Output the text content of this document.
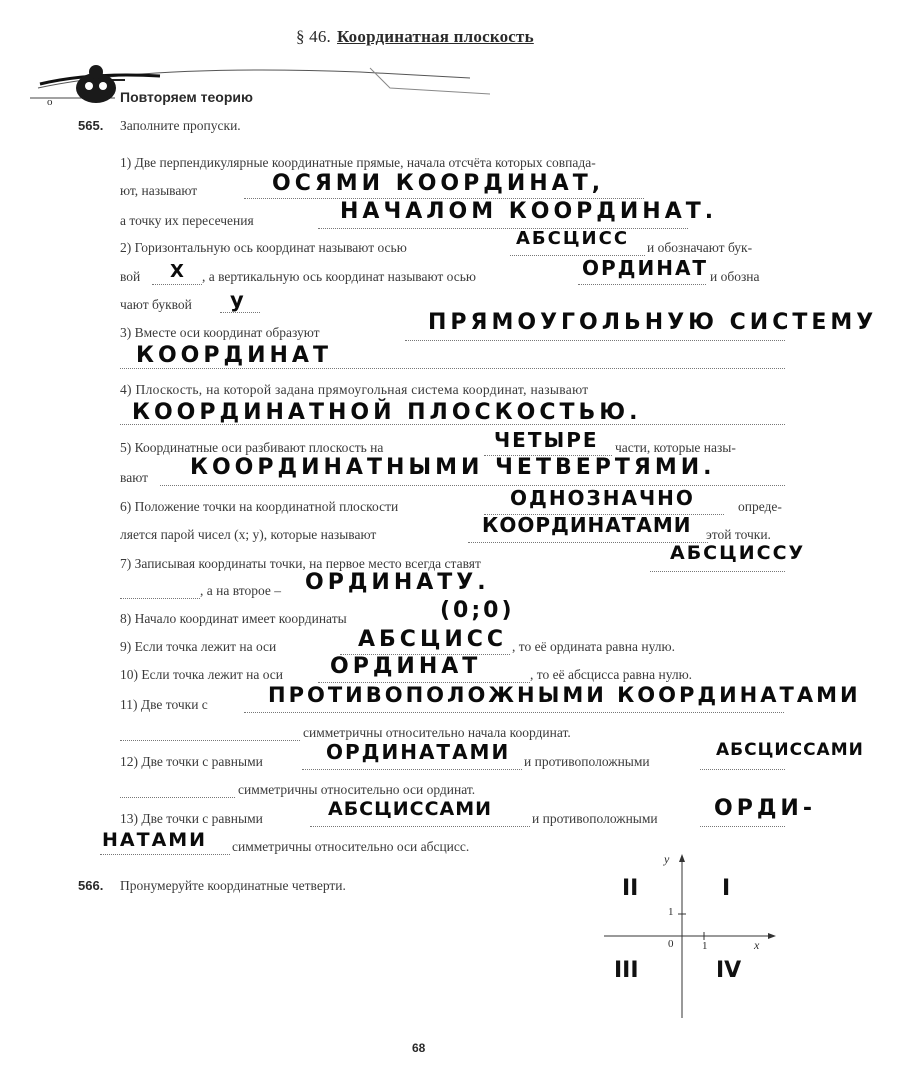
§ 46. Координатная плоскость
о	Повторяем теорию
565. Заполните пропуски.
1) Две перпендикулярные координатные прямые, начала отсчёта которых совпада-
ют, называют	ОСЯМИ КООРДИНАТ,
а точку их пересечения	НАЧАЛОМ КООРДИНАТ.
2) Горизонтальную ось координат называют осью	АБСЦИСС и обозначают бук-
вой X , а вертикальную ось координат называют осью	ОРДИНАТ и обозна
чают буквой y
3) Вместе оси координат образуют	ПРЯМОУГОЛЬНУЮ СИСТЕМУ
КООРДИНАТ
4) Плоскость, на которой задана прямоугольная система координат, называют
КООРДИНАТНОЙ ПЛОСКОСТЬЮ.
5) Координатные оси разбивают плоскость на	ЧЕТЫРЕ части, которые назы-
вают КООРДИНАТНЫМИ ЧЕТВЕРТЯМИ.
6) Положение точки на координатной плоскости	ОДНОЗНАЧНО	опреде-
ляется парой чисел (x; y), которые называют	КООРДИНАТАМИ этой точки.
7) Записывая координаты точки, на первое место всегда ставят	АБСЦИССУ
, а на второе – ОРДИНАТУ.
8) Начало координат имеет координаты	(0;0)
9) Если точка лежит на оси	АБСЦИСС , то её ордината равна нулю.
10) Если точка лежит на оси ОРДИНАТ	, то её абсцисса равна нулю.
11) Две точки с	ПРОТИВОПОЛОЖНЫМИ КООРДИНАТАМИ
симметричны относительно начала координат.
12) Две точки с равными	ОРДИНАТАМИ и противоположными
АБСЦИССАМИ
симметричны относительно оси ординат.
13) Две точки с равными	АБСЦИССАМИ	и противоположными	ОРДИ-
НАТАМИ симметричны относительно оси абсцисс.
566. Пронумеруйте координатные четверти.
y
x
0	1
1
II	I
III	IV
68
